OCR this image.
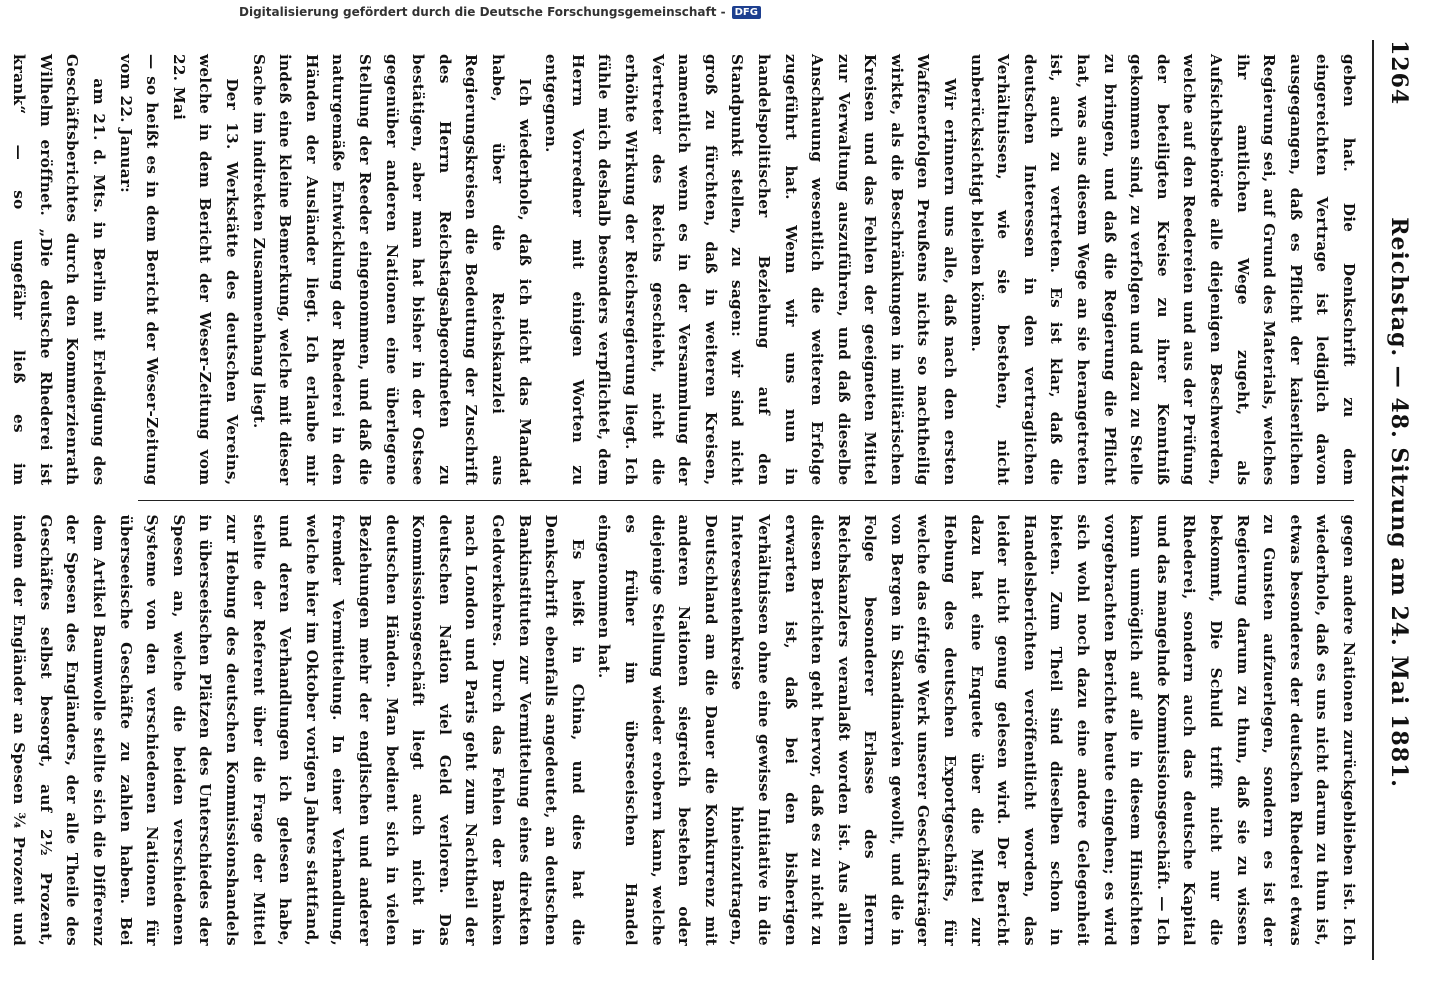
1264
Reichstag. — 48. Sitzung am 24. Mai 1881.

geben hat. Die Denkschrift zu dem eingereichten Vertrage ist lediglich davon ausgegangen, daß es Pflicht der kaiserlichen Regierung sei, auf Grund des Materials, welches ihr amtlichen Wege zugeht, als Aufsichtsbehörde alle diejenigen Beschwerden, welche auf den Reedereien und aus der Prüfung der beteiligten Kreise zu ihrer Kenntniß gekommen sind, zu verfolgen und dazu zu Stelle zu bringen, und daß die Regierung die Pflicht hat, was aus diesem Wege an sie herangetreten ist, auch zu vertreten. Es ist klar, daß die deutschen Interessen in den vertraglichen Verhältnissen, wie sie bestehen, nicht unberücksichtigt bleiben können.

Wir erinnern uns alle, daß nach den ersten Waffenerfolgen Preußens nichts so nachtheilig wirkte, als die Beschränkungen in militärischen Kreisen und das Fehlen der geeigneten Mittel zur Verwaltung auszuführen, und daß dieselbe Anschauung wesentlich die weiteren Erfolge zugeführt hat. Wenn wir uns nun in handelspolitischer Beziehung auf den Standpunkt stellen, zu sagen: wir sind nicht groß zu fürchten, daß in weiteren Kreisen, namentlich wenn es in der Versammlung der Vertreter des Reichs geschieht, nicht die erhöhte Wirkung der Reichsregierung liegt. Ich fühle mich deshalb besonders verpflichtet, dem Herrn Vorredner mit einigen Worten zu entgegnen.

Ich wiederhole, daß ich nicht das Mandat habe, über die Reichskanzlei aus Regierungskreisen die Bedeutung der Zuschrift des Herrn Reichstagsabgeordneten zu bestätigen, aber man hat bisher in der Ostsee gegenüber anderen Nationen eine überlegene Stellung der Reeder eingenommen, und daß die naturgemäße Entwicklung der Rhederei in den Händen der Ausländer liegt. Ich erlaube mir indeß eine kleine Bemerkung, welche mit dieser Sache im indirekten Zusammenhang liegt.

Der 13. Werkstätte des deutschen Vereins, welche in dem Bericht der Weser-Zeitung vom 22. Mai

— so heißt es in dem Bericht der Weser-Zeitung vom 22. Januar:

am 21. d. Mts. in Berlin mit Erledigung des Geschäftsberichtes durch den Kommerzienrath Wilhelm eröffnet. „Die deutsche Rhederei ist krank“ — so ungefähr ließ es im

gegen andere Nationen zurückgeblieben ist. Ich wiederhole, daß es uns nicht darum zu thun ist, etwas besonderes der deutschen Rhederei etwas zu Gunsten aufzuerlegen, sondern es ist der Regierung darum zu thun, daß sie zu wissen bekommt, Die Schuld trifft nicht nur die Rhederei, sondern auch das deutsche Kapital und das mangelnde Kommissionsgeschäft. — Ich kann unmöglich auf alle in diesem Hinsichten vorgebrachten Berichte heute eingehen; es wird sich wohl noch dazu eine andere Gelegenheit bieten. Zum Theil sind dieselben schon in Handelsberichten veröffentlicht worden, das leider nicht genug gelesen wird. Der Bericht dazu hat eine Enquete über die Mittel zur Hebung des deutschen Exportgeschäfts, für welche das eifrige Werk unserer Geschäftsträger von Bergen in Skandinavien gewollt, und die in Folge besonderer Erlasse des Herrn Reichskanzlers veranlaßt worden ist. Aus allen diesen Berichten geht hervor, daß es zu nicht zu erwarten ist, daß bei den bisherigen Verhältnissen ohne eine gewisse Initiative in die Interessentenkreise hineinzutragen, Deutschland am die Dauer die Konkurrenz mit anderen Nationen siegreich bestehen oder diejenige Stellung wieder erobern kann, welche es früher im überseeischen Handel eingenommen hat.

Es heißt in China, und dies hat die Denkschrift ebenfalls angedeutet, an deutschen Bankinstituten zur Vermittelung eines direkten Geldverkehres. Durch das Fehlen der Banken nach London und Paris geht zum Nachtheil der deutschen Nation viel Geld verloren. Das Kommissionsgeschäft liegt auch nicht in deutschen Händen. Man bedient sich in vielen Beziehungen mehr der englischen und anderer fremder Vermittelung. In einer Verhandlung, welche hier im Oktober vorigen Jahres stattfand, und deren Verhandlungen ich gelesen habe, stellte der Referent über die Frage der Mittel zur Hebung des deutschen Kommissionshandels in überseeischen Plätzen des Unterschiedes der Spesen an, welche die beiden verschiedenen Systeme von den verschiedenen Nationen für überseeische Geschäfte zu zahlen haben. Bei dem Artikel Baumwolle stellte sich die Differenz der Spesen des Engländers, der alle Theile des Geschäftes selbst besorgt, auf 2½ Prozent, indem der Engländer an Spesen ¾ Prozent und

Digitalisierung gefördert durch die Deutsche Forschungsgemeinschaft - DFG
